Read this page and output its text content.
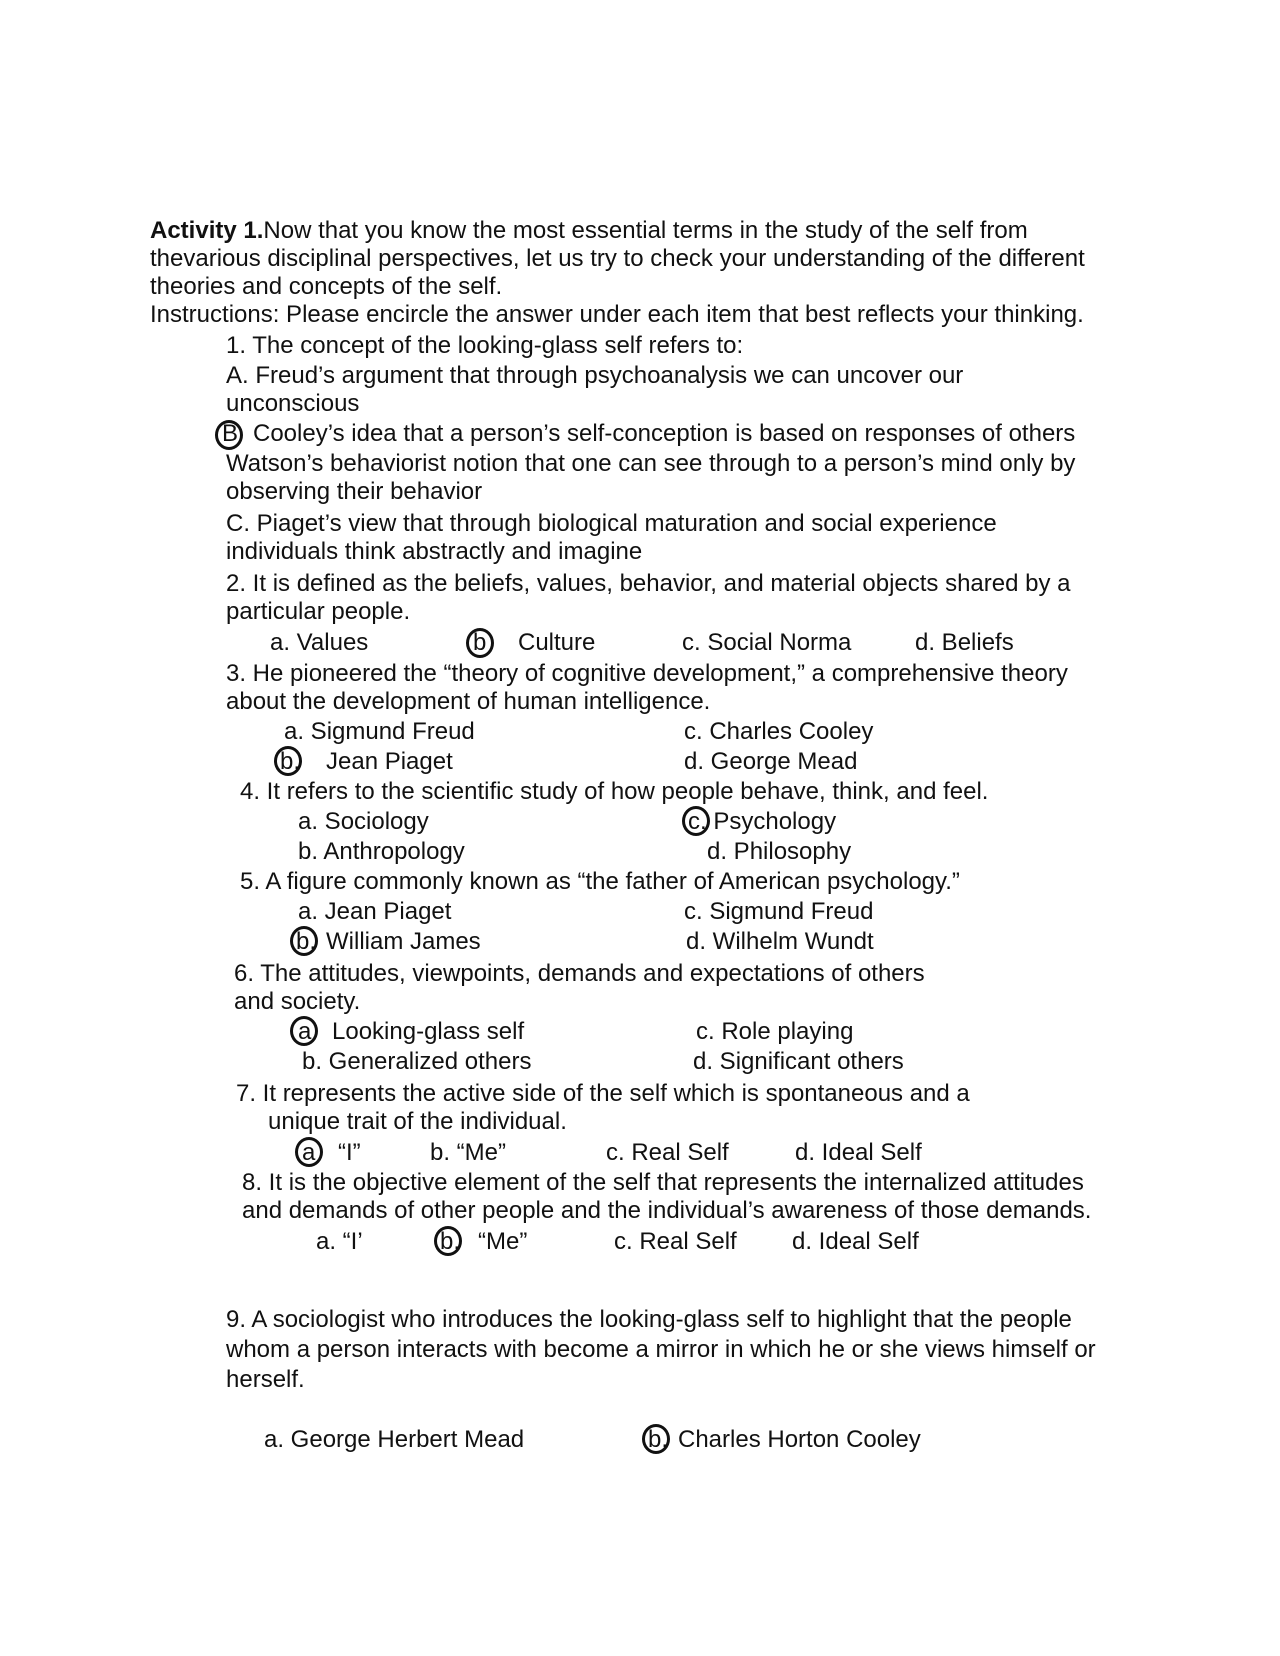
Activity 1.Now that you know the most essential terms in the study of the self from
thevarious disciplinal perspectives, let us try to check your understanding of the different
theories and concepts of the self.
Instructions: Please encircle the answer under each item that best reflects your thinking.
1. The concept of the looking-glass self refers to:
A. Freud’s argument that through psychoanalysis we can uncover our
unconscious
B Cooley’s idea that a person’s self-conception is based on responses of others
Watson’s behaviorist notion that one can see through to a person’s mind only by
observing their behavior
C. Piaget’s view that through biological maturation and social experience
individuals think abstractly and imagine
2. It is defined as the beliefs, values, behavior, and material objects shared by a
particular people.
a. Values	b Culture	c. Social Norma	d. Beliefs
3. He pioneered the “theory of cognitive development,” a comprehensive theory
about the development of human intelligence.
a. Sigmund Freud	c. Charles Cooley
b. Jean Piaget	d. George Mead
4. It refers to the scientific study of how people behave, think, and feel.
a. Sociology	c. Psychology
b. Anthropology	d. Philosophy
5. A figure commonly known as “the father of American psychology.”
a. Jean Piaget	c. Sigmund Freud
b. William James	d. Wilhelm Wundt
6. The attitudes, viewpoints, demands and expectations of others
and society.
a Looking-glass self	c. Role playing
b. Generalized others	d. Significant others
7. It represents the active side of the self which is spontaneous and a
unique trait of the individual.
a “I”	b. “Me”	c. Real Self	d. Ideal Self
8. It is the objective element of the self that represents the internalized attitudes
and demands of other people and the individual’s awareness of those demands.
a. “I’	b. “Me”	c. Real Self d. Ideal Self
9. A sociologist who introduces the looking-glass self to highlight that the people
whom a person interacts with become a mirror in which he or she views himself or
herself.
a. George Herbert Mead	b. Charles Horton Cooley
